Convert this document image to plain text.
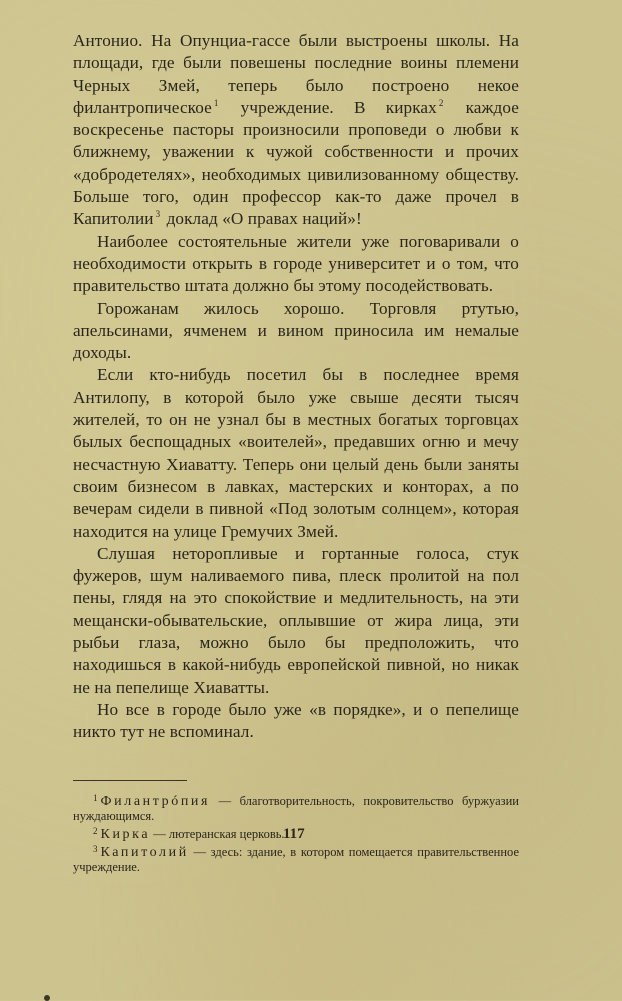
Антонио. На Опунциа-гассе были выстроены школы. На площади, где были повешены последние воины племени Черных Змей, теперь было построено некое филантропическое $^1$ учреждение. В кирках $^2$ каждое воскресенье пасторы произносили проповеди о любви к ближнему, уважении к чужой собственности и прочих «добродетелях», необходимых цивилизованному обществу. Больше того, один профессор как-то даже прочел в Капитолии $^3$ доклад «О правах наций»!

Наиболее состоятельные жители уже поговаривали о необходимости открыть в городе университет и о том, что правительство штата должно бы этому посодействовать.

Горожанам жилось хорошо. Торговля ртутью, апельсинами, ячменем и вином приносила им немалые доходы.

Если кто-нибудь посетил бы в последнее время Антилопу, в которой было уже свыше десяти тысяч жителей, то он не узнал бы в местных богатых торговцах былых беспощадных «воителей», предавших огню и мечу несчастную Хиаватту. Теперь они целый день были заняты своим бизнесом в лавках, мастерских и конторах, а по вечерам сидели в пивной «Под золотым солнцем», которая находится на улице Гремучих Змей.

Слушая неторопливые и гортанные голоса, стук фужеров, шум наливаемого пива, плеск пролитой на пол пены, глядя на это спокойствие и медлительность, на эти мещански-обывательские, оплывшие от жира лица, эти рыбьи глаза, можно было бы предположить, что находишься в какой-нибудь европейской пивной, но никак не на пепелище Хиаватты.

Но все в городе было уже «в порядке», и о пепелище никто тут не вспоминал.

$^1$ Филантрóпия — благотворительность, покровительство буржуазии нуждающимся.

$^2$ Кирка — лютеранская церковь.

$^3$ Капитолий — здесь: здание, в котором помещается правительственное учреждение.

117
